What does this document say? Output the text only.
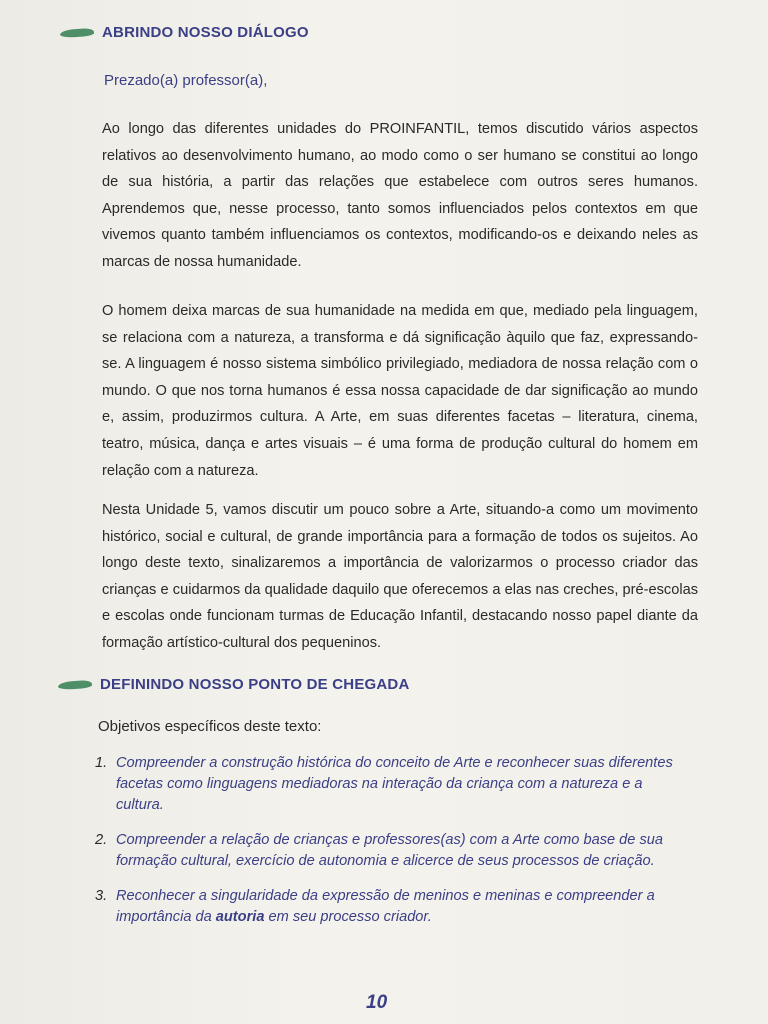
ABRINDO NOSSO DIÁLOGO
Prezado(a) professor(a),

Ao longo das diferentes unidades do PROINFANTIL, temos discutido vários aspectos relativos ao desenvolvimento humano, ao modo como o ser humano se constitui ao longo de sua história, a partir das relações que estabelece com outros seres humanos. Aprendemos que, nesse processo, tanto somos influenciados pelos contextos em que vivemos quanto também influenciamos os contextos, modificando-os e deixando neles as marcas de nossa humanidade.

O homem deixa marcas de sua humanidade na medida em que, mediado pela linguagem, se relaciona com a natureza, a transforma e dá significação àquilo que faz, expressando-se. A linguagem é nosso sistema simbólico privilegiado, mediadora de nossa relação com o mundo. O que nos torna humanos é essa nossa capacidade de dar significação ao mundo e, assim, produzirmos cultura. A Arte, em suas diferentes facetas – literatura, cinema, teatro, música, dança e artes visuais – é uma forma de produção cultural do homem em relação com a natureza.

Nesta Unidade 5, vamos discutir um pouco sobre a Arte, situando-a como um movimento histórico, social e cultural, de grande importância para a formação de todos os sujeitos. Ao longo deste texto, sinalizaremos a importância de valorizarmos o processo criador das crianças e cuidarmos da qualidade daquilo que oferecemos a elas nas creches, pré-escolas e escolas onde funcionam turmas de Educação Infantil, destacando nosso papel diante da formação artístico-cultural dos pequeninos.

DEFININDO NOSSO PONTO DE CHEGADA
Objetivos específicos deste texto:
1. Compreender a construção histórica do conceito de Arte e reconhecer suas diferentes facetas como linguagens mediadoras na interação da criança com a natureza e a cultura.
2. Compreender a relação de crianças e professores(as) com a Arte como base de sua formação cultural, exercício de autonomia e alicerce de seus processos de criação.
3. Reconhecer a singularidade da expressão de meninos e meninas e compreender a importância da autoria em seu processo criador.
10
